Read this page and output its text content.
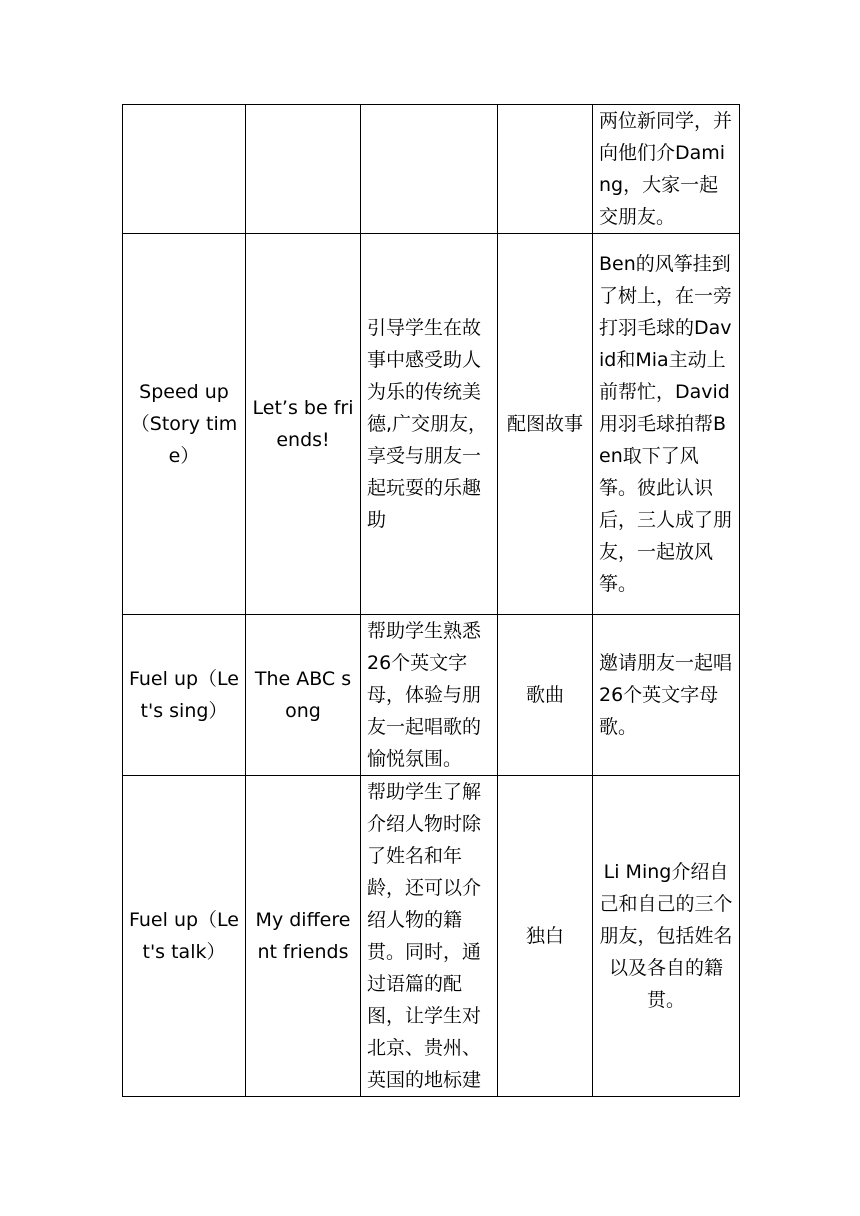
				两位新同学，并向他们介Daming，大家一起交朋友。
Speed up（Story time）	Let’s be friends!	引导学生在故事中感受助人为乐的传统美德,广交朋友，享受与朋友一起玩耍的乐趣助	配图故事	Ben的风筝挂到了树上，在一旁打羽毛球的David和Mia主动上前帮忙，David用羽毛球拍帮Ben取下了风筝。彼此认识后，三人成了朋友，一起放风筝。
Fuel up（Let's sing）	The ABC song	帮助学生熟悉26个英文字母，体验与朋友一起唱歌的愉悦氛围。	歌曲	邀请朋友一起唱26个英文字母歌。
Fuel up（Let's talk）	My different friends	帮助学生了解介绍人物时除了姓名和年龄，还可以介绍人物的籍贯。同时，通过语篇的配图，让学生对北京、贵州、英国的地标建	独白	Li Ming介绍自己和自己的三个朋友，包括姓名以及各自的籍贯。
